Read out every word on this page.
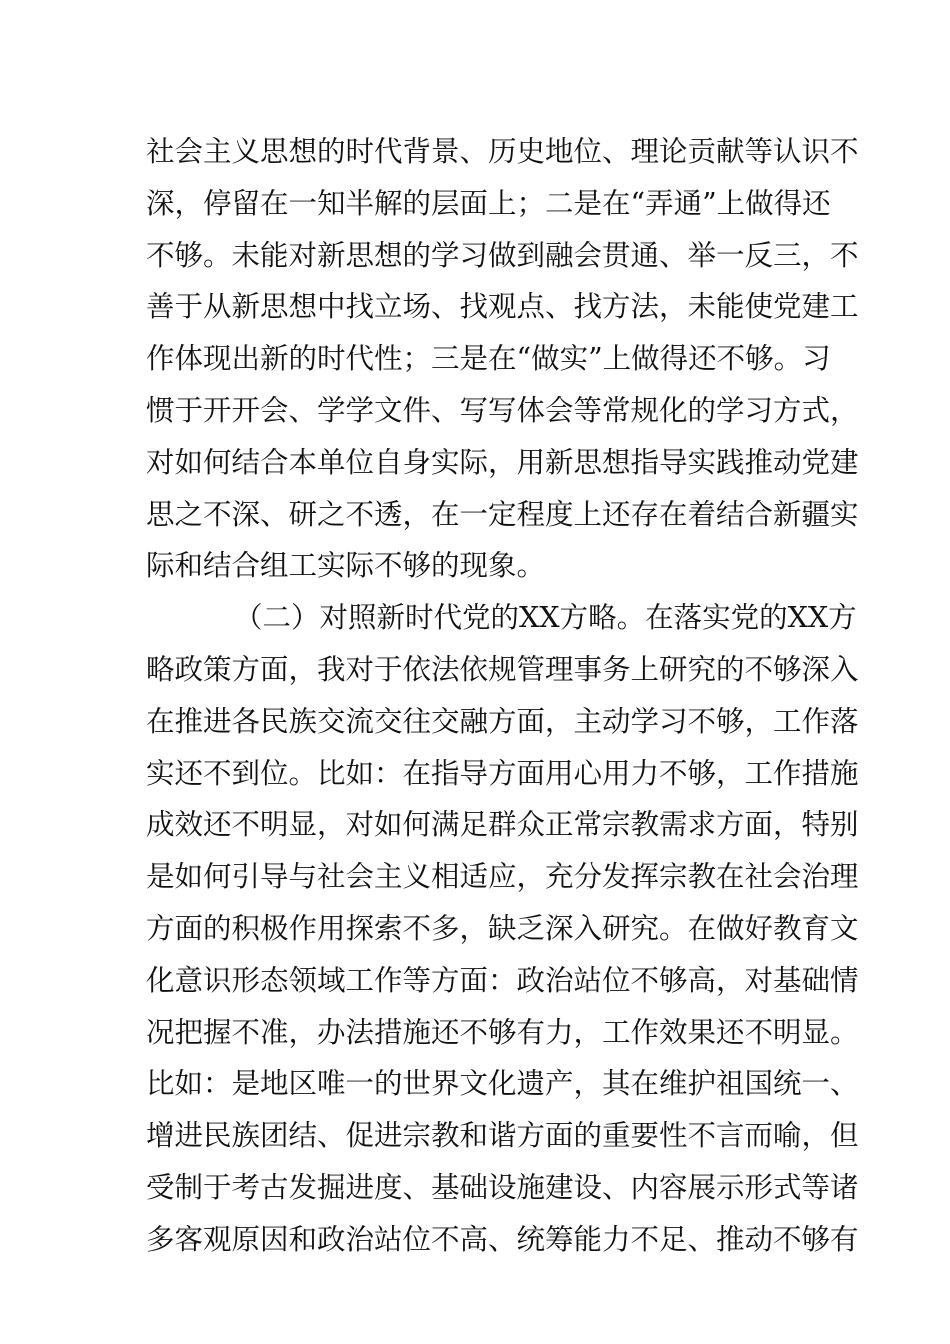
社会主义思想的时代背景、历史地位、理论贡献等认识不
深，停留在一知半解的层面上；二是在“弄通”上做得还
不够。未能对新思想的学习做到融会贯通、举一反三，不
善于从新思想中找立场、找观点、找方法，未能使党建工
作体现出新的时代性；三是在“做实”上做得还不够。习
惯于开开会、学学文件、写写体会等常规化的学习方式，
对如何结合本单位自身实际，用新思想指导实践推动党建
思之不深、研之不透，在一定程度上还存在着结合新疆实
际和结合组工实际不够的现象。
（二）对照新时代党的XX方略。在落实党的XX方
略政策方面，我对于依法依规管理事务上研究的不够深入
在推进各民族交流交往交融方面，主动学习不够，工作落
实还不到位。比如：在指导方面用心用力不够，工作措施
成效还不明显，对如何满足群众正常宗教需求方面，特别
是如何引导与社会主义相适应，充分发挥宗教在社会治理
方面的积极作用探索不多，缺乏深入研究。在做好教育文
化意识形态领域工作等方面：政治站位不够高，对基础情
况把握不准，办法措施还不够有力，工作效果还不明显。
比如：是地区唯一的世界文化遗产，其在维护祖国统一、
增进民族团结、促进宗教和谐方面的重要性不言而喻，但
受制于考古发掘进度、基础设施建设、内容展示形式等诸
多客观原因和政治站位不高、统筹能力不足、推动不够有
